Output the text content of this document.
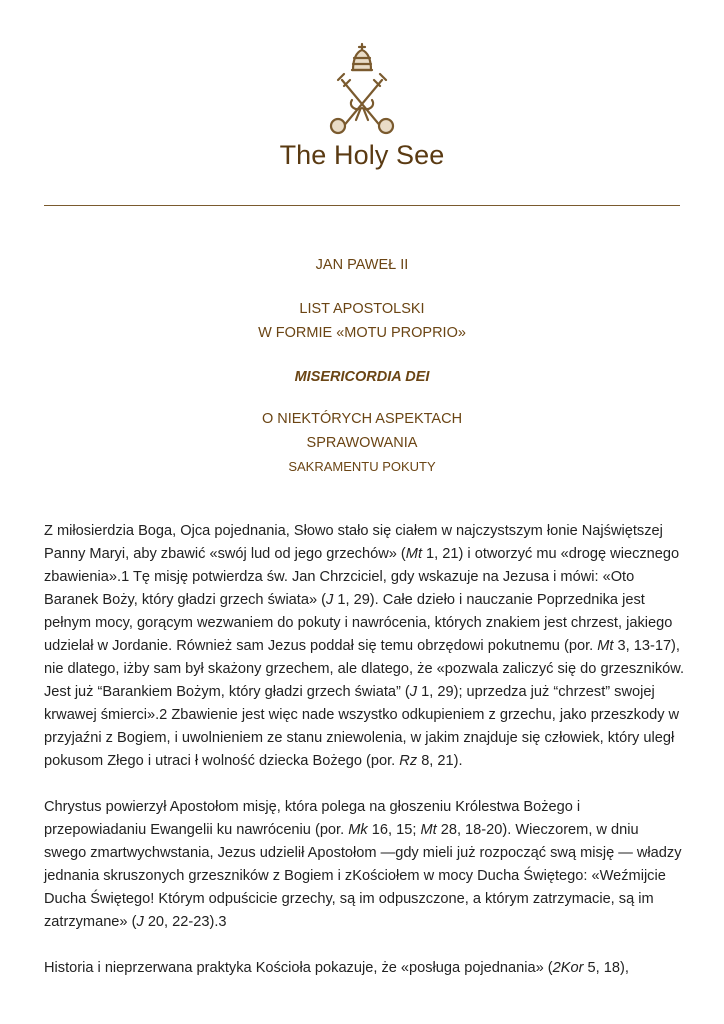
The Holy See
JAN PAWEŁ II
LIST APOSTOLSKI
W FORMIE «MOTU PROPRIO»
MISERICORDIA DEI
O NIEKTÓRYCH ASPEKTACH
SPRAWOWANIA
SAKRAMENTU POKUTY

Z miłosierdzia Boga, Ojca pojednania, Słowo stało się ciałem w najczystszym łonie Najświętszej Panny Maryi, aby zbawić «swój lud od jego grzechów» (Mt 1, 21) i otworzyć mu «drogę wiecznego zbawienia».1 Tę misję potwierdza św. Jan Chrzciciel, gdy wskazuje na Jezusa i mówi: «Oto Baranek Boży, który gładzi grzech świata» (J 1, 29). Całe dzieło i nauczanie Poprzednika jest pełnym mocy, gorącym wezwaniem do pokuty i nawrócenia, których znakiem jest chrzest, jakiego udzielał w Jordanie. Również sam Jezus poddał się temu obrzędowi pokutnemu (por. Mt 3, 13-17), nie dlatego, iżby sam był skażony grzechem, ale dlatego, że «pozwala zaliczyć się do grzeszników. Jest już “Barankiem Bożym, który gładzi grzech świata” (J 1, 29); uprzedza już “chrzest” swojej krwawej śmierci».2 Zbawienie jest więc nade wszystko odkupieniem z grzechu, jako przeszkody w przyjaźni z Bogiem, i uwolnieniem ze stanu zniewolenia, w jakim znajduje się człowiek, który uległ pokusom Złego i utraci ł wolność dziecka Bożego (por. Rz 8, 21).

Chrystus powierzył Apostołom misję, która polega na głoszeniu Królestwa Bożego i przepowiadaniu Ewangelii ku nawróceniu (por. Mk 16, 15; Mt 28, 18-20). Wieczorem, w dniu swego zmartwychwstania, Jezus udzielił Apostołom —gdy mieli już rozpocząć swą misję — władzy jednania skruszonych grzeszników z Bogiem i zKościołem w mocy Ducha Świętego: «Weźmijcie Ducha Świętego! Którym odpuścicie grzechy, są im odpuszczone, a którym zatrzymacie, są im zatrzymane» (J 20, 22-23).3

Historia i nieprzerwana praktyka Kościoła pokazuje, że «posługa pojednania» (2Kor 5, 18),
